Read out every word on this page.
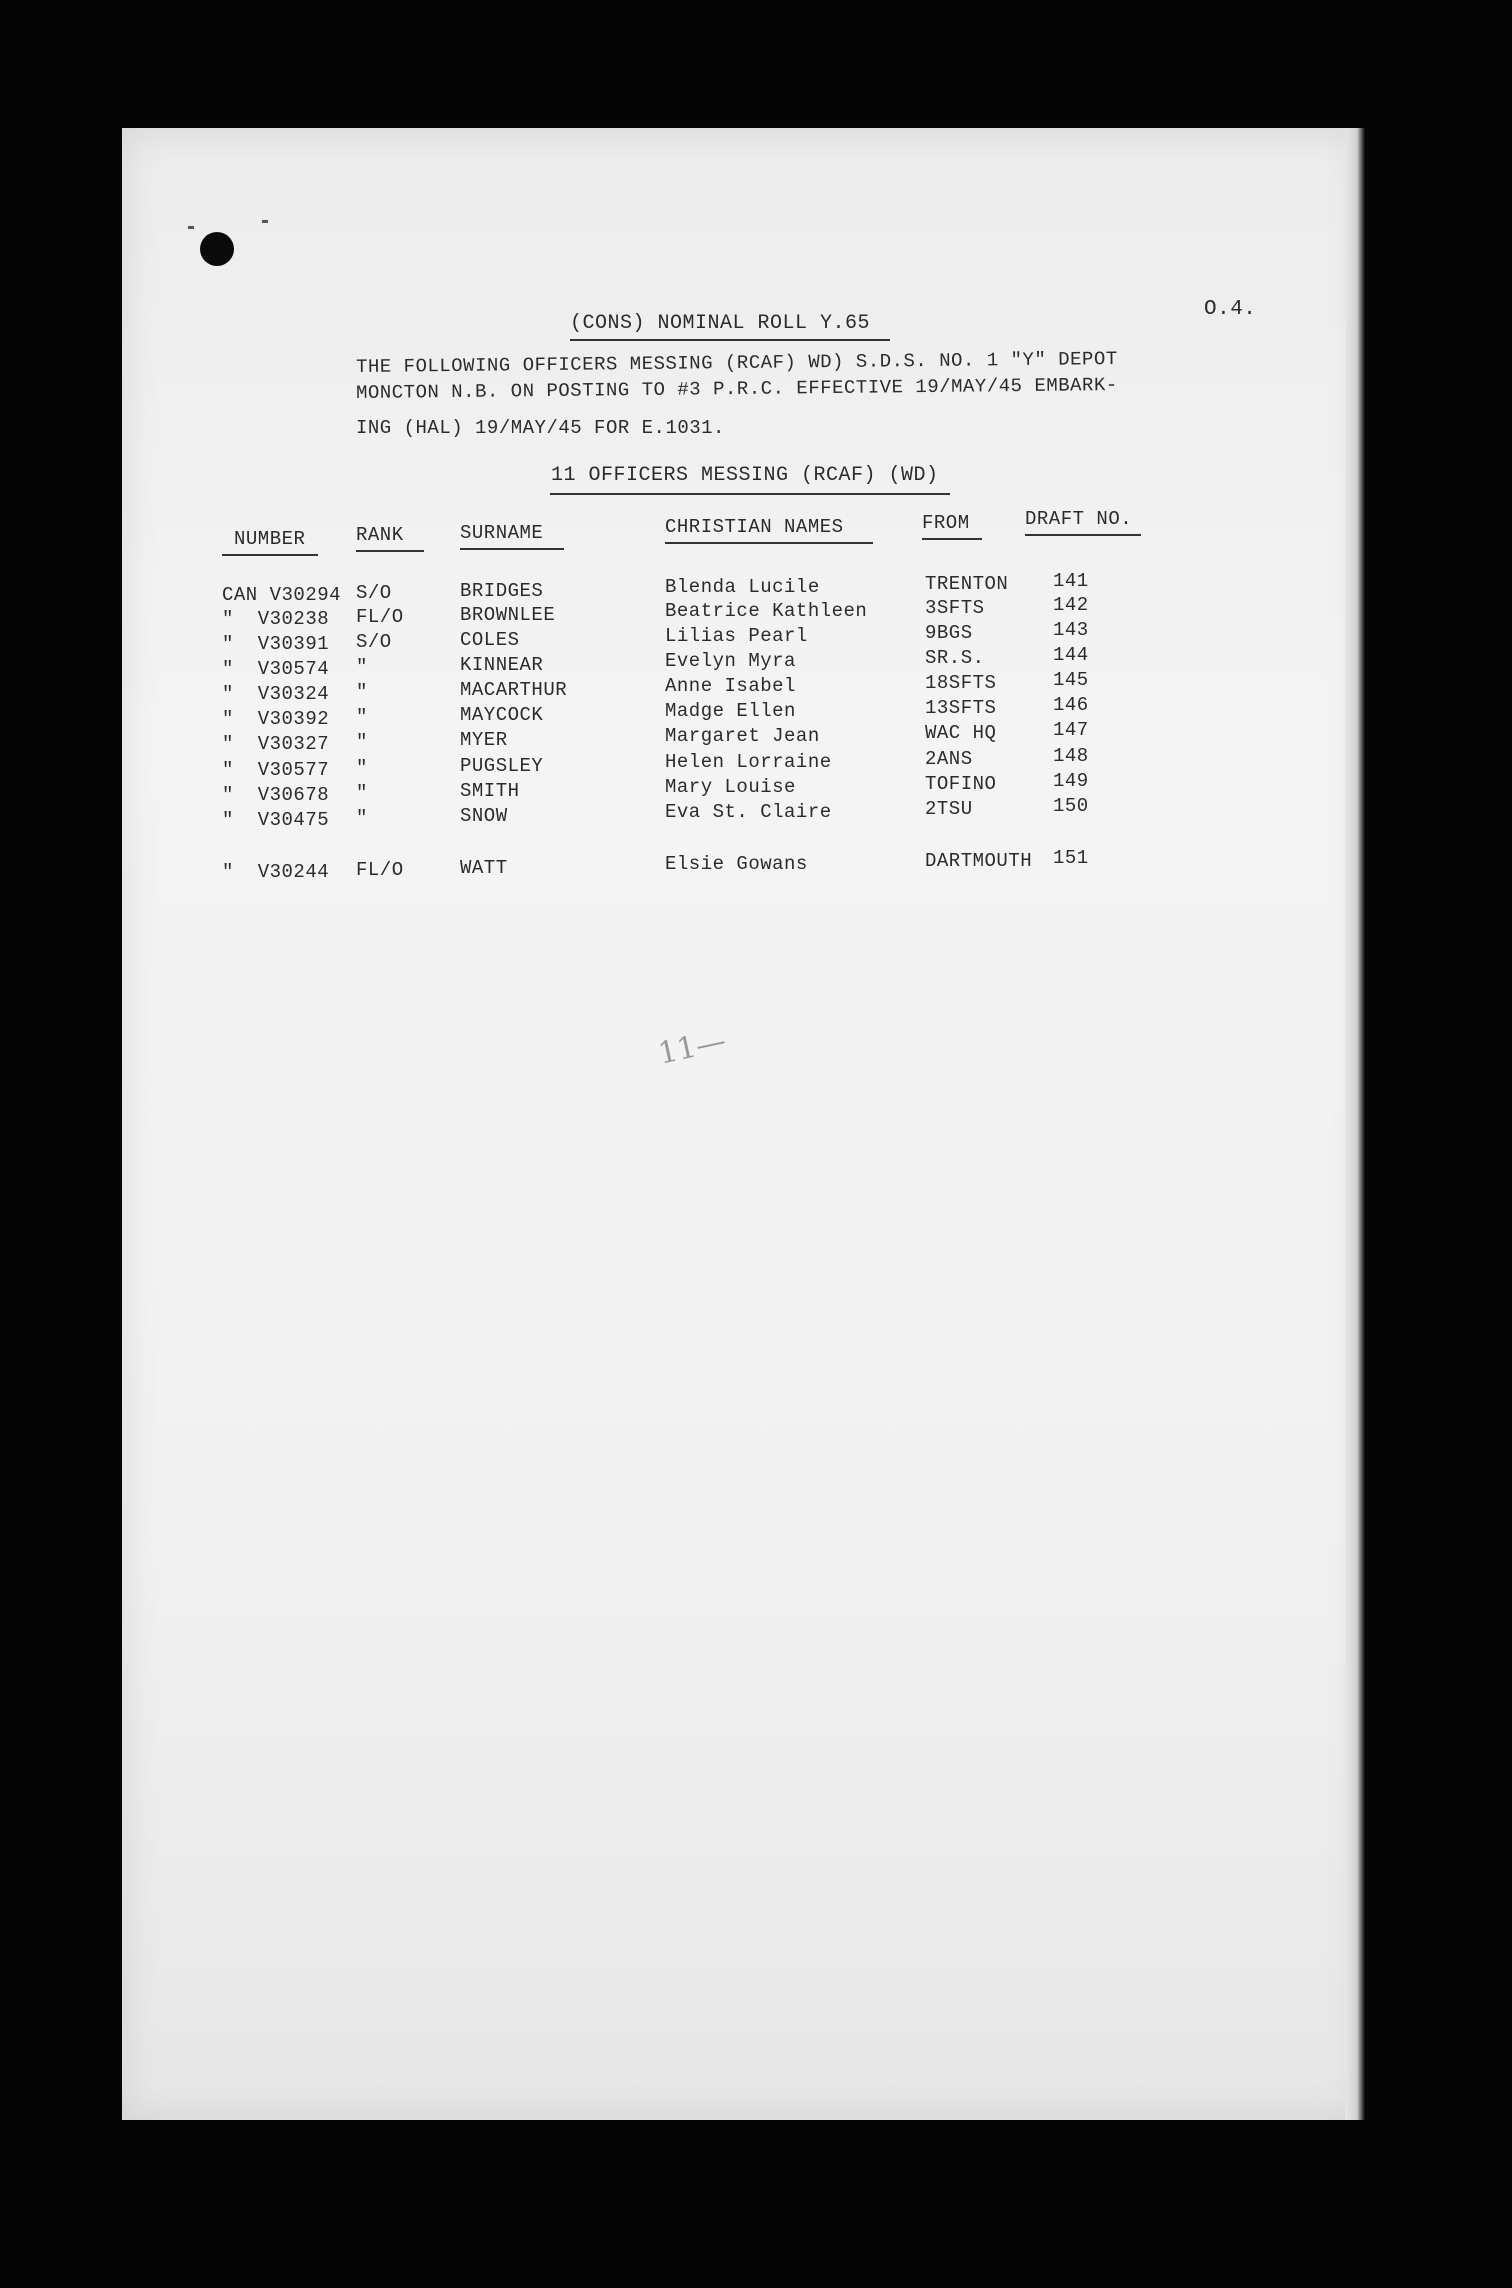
O.4.
(CONS) NOMINAL ROLL Y.65
THE FOLLOWING OFFICERS MESSING (RCAF) WD) S.D.S. NO. 1 "Y" DEPOT
MONCTON N.B. ON POSTING TO #3 P.R.C. EFFECTIVE 19/MAY/45 EMBARK-
ING (HAL) 19/MAY/45 FOR E.1031.
11 OFFICERS MESSING (RCAF) (WD)
NUMBER	RANK	SURNAME	CHRISTIAN NAMES	FROM	DRAFT NO.
CAN V30294 S/O	BRIDGES	Blenda Lucile	TRENTON 141
"  V30238 FL/O	BROWNLEE	Beatrice Kathleen	3SFTS	142
"  V30391 S/O	COLES	Lilias Pearl	9BGS	143
"  V30574 "	KINNEAR	Evelyn Myra	SR.S.	144
"  V30324 "	MACARTHUR	Anne Isabel	18SFTS	145
"  V30392 "	MAYCOCK	Madge Ellen	13SFTS	146
"  V30327 "	MYER	Margaret Jean	WAC HQ	147
"  V30577 "	PUGSLEY	Helen Lorraine	2ANS	148
"  V30678 "	SMITH	Mary Louise	TOFINO	149
"  V30475 "	SNOW	Eva St. Claire	2TSU	150
"  V30244 FL/O	WATT	Elsie Gowans	DARTMOUTH 151
11—
